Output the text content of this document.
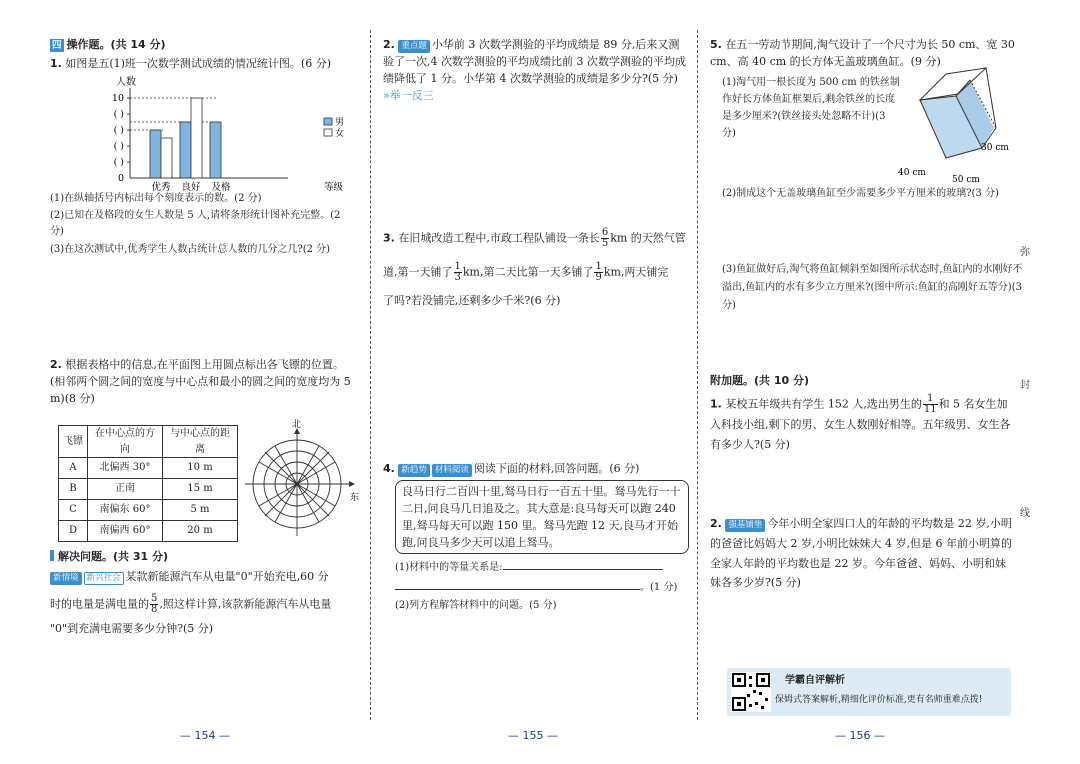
四 操作题。(共 14 分)
1. 如图是五(1)班一次数学测试成绩的情况统计图。(6 分)
人数
10
( )
( )
( )
( )
0
优秀 良好 及格	等级
男
女
(1)在纵轴括号内标出每个刻度表示的数。(2 分)
(2)已知在及格段的女生人数是 5 人,请将条形统计图补充完整。(2 分)
(3)在这次测试中,优秀学生人数占统计总人数的几分之几?(2 分)
2. 根据表格中的信息,在平面图上用圆点标出各飞镖的位置。(相邻两个圆之间的宽度与中心点和最小的圆之间的宽度均为 5 m)(8 分)
飞镖	在中心点的方向	与中心点的距离
A	北偏西 30°	10 m
B	正南	15 m
C	南偏东 60°	5 m
D	南偏西 60°	20 m
北
东
解决问题。(共 31 分)
新情境 新兴社会 某款新能源汽车从电量"0"开始充电,60 分
时的电量是满电量的 $\frac{5}{8}$ ,照这样计算,该款新能源汽车从电量
"0"到充满电需要多少分钟?(5 分)
— 154 —
2. 重点题 小华前 3 次数学测验的平均成绩是 89 分,后来又测验了一次,4 次数学测验的平均成绩比前 3 次数学测验的平均成绩降低了 1 分。小华第 4 次数学测验的成绩是多少分?(5 分) »举一反三
3. 在旧城改造工程中,市政工程队铺设一条长 $\frac{6}{5}$ km 的天然气管
道,第一天铺了 $\frac{1}{3}$ km,第二天比第一天多铺了 $\frac{1}{9}$ km,两天铺完
了吗?若没铺完,还剩多少千米?(6 分)
4. 新趋势 材料阅读 阅读下面的材料,回答问题。(6 分)
良马日行二百四十里,驽马日行一百五十里。驽马先行一十二日,问良马几日追及之。其大意是:良马每天可以跑 240 里,驽马每天可以跑 150 里。驽马先跑 12 天,良马才开始跑,问良马多少天可以追上驽马。
(1)材料中的等量关系是:
。(1 分)
(2)列方程解答材料中的问题。(5 分)
— 155 —
5. 在五一劳动节期间,淘气设计了一个尺寸为长 50 cm、宽 30 cm、高 40 cm 的长方体无盖玻璃鱼缸。(9 分)
(1)淘气用一根长度为 500 cm 的铁丝制作好长方体鱼缸框架后,剩余铁丝的长度是多少厘米?(铁丝接头处忽略不计)(3 分)
30 cm
40 cm
50 cm
(2)制成这个无盖玻璃鱼缸至少需要多少平方厘米的玻璃?(3 分)
(3)鱼缸做好后,淘气将鱼缸倾斜至如图所示状态时,鱼缸内的水刚好不溢出,鱼缸内的水有多少立方厘米?(图中所示:鱼缸的高刚好五等分)(3 分)
附加题。(共 10 分)
1. 某校五年级共有学生 152 人,选出男生的 $\frac{1}{11}$ 和 5 名女生加入科技小组,剩下的男、女生人数刚好相等。五年级男、女生各有多少人?(5 分)
2. 强基铺垫 今年小明全家四口人的年龄的平均数是 22 岁,小明的爸爸比妈妈大 2 岁,小明比妹妹大 4 岁,但是 6 年前小明算的全家人年龄的平均数也是 22 岁。今年爸爸、妈妈、小明和妹妹各多少岁?(5 分)
学霸自评解析
保姆式答案解析,精细化评价标准,更有名师重难点拨!
弥
封
线
— 156 —
